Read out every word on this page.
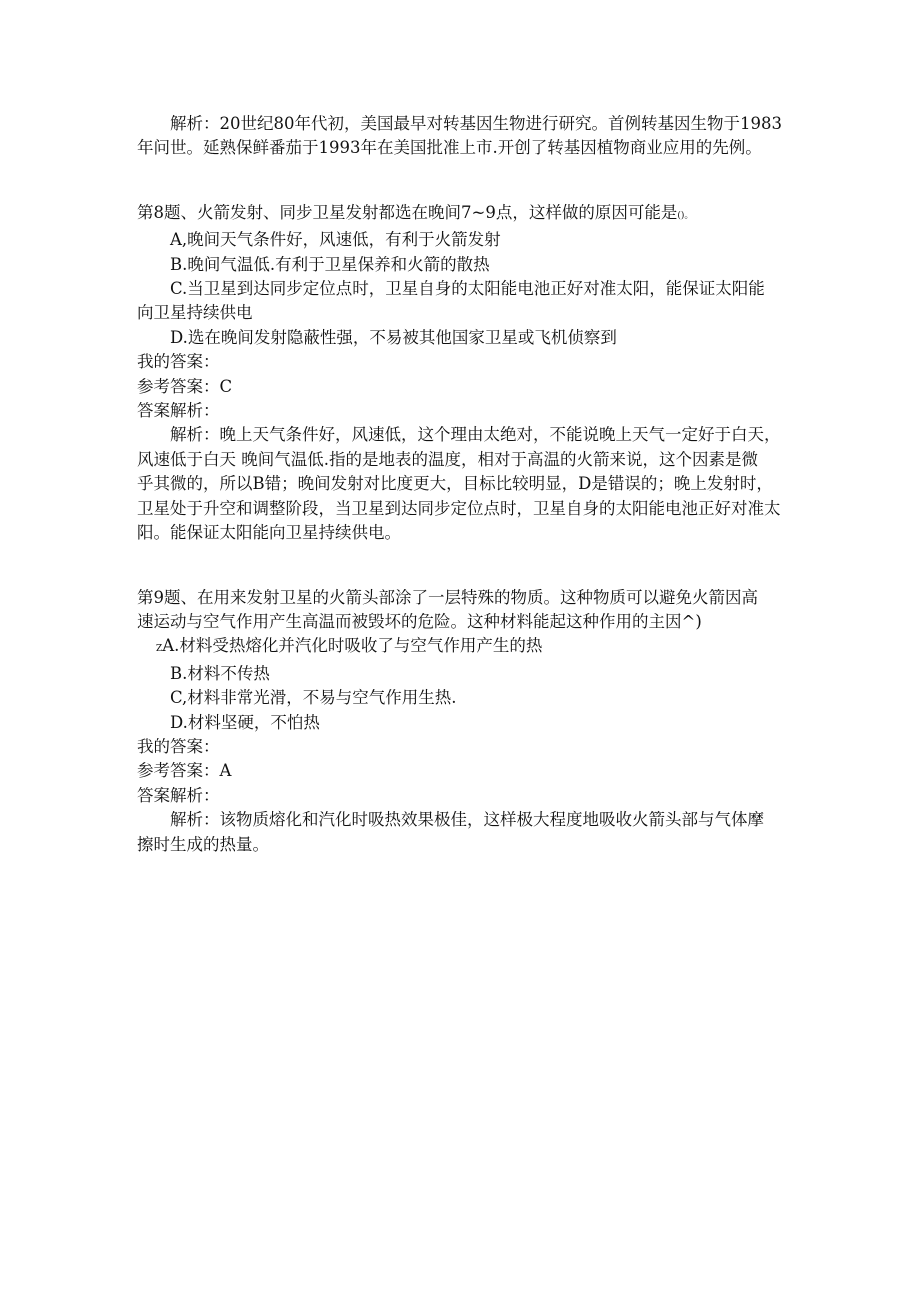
解析：20世纪80年代初，美国最早对转基因生物进行研究。首例转基因生物于1983

年问世。延熟保鲜番茄于1993年在美国批准上市.开创了转基因植物商业应用的先例。

第8题、火箭发射、同步卫星发射都选在晚间7~9点，这样做的原因可能是()。

A,晚间天气条件好，风速低，有利于火箭发射

B.晚间气温低.有利于卫星保养和火箭的散热

C.当卫星到达同步定位点时，卫星自身的太阳能电池正好对准太阳，能保证太阳能

向卫星持续供电

D.选在晚间发射隐蔽性强，不易被其他国家卫星或飞机侦察到

我的答案：

参考答案：C

答案解析：

解析：晚上天气条件好，风速低，这个理由太绝对，不能说晚上天气一定好于白天，

风速低于白天 晚间气温低.指的是地表的温度，相对于高温的火箭来说，这个因素是微

乎其微的，所以B错；晚间发射对比度更大，目标比较明显，D是错误的；晚上发射时，

卫星处于升空和调整阶段，当卫星到达同步定位点时，卫星自身的太阳能电池正好对准太

阳。能保证太阳能向卫星持续供电。

第9题、在用来发射卫星的火箭头部涂了一层特殊的物质。这种物质可以避免火箭因高

速运动与空气作用产生高温而被毁坏的危险。这种材料能起这种作用的主因^)

ZA.材料受热熔化并汽化时吸收了与空气作用产生的热

B.材料不传热

C,材料非常光滑，不易与空气作用生热.

D.材料坚硬，不怕热

我的答案：

参考答案：A

答案解析：

解析：该物质熔化和汽化时吸热效果极佳，这样极大程度地吸收火箭头部与气体摩

擦时生成的热量。
